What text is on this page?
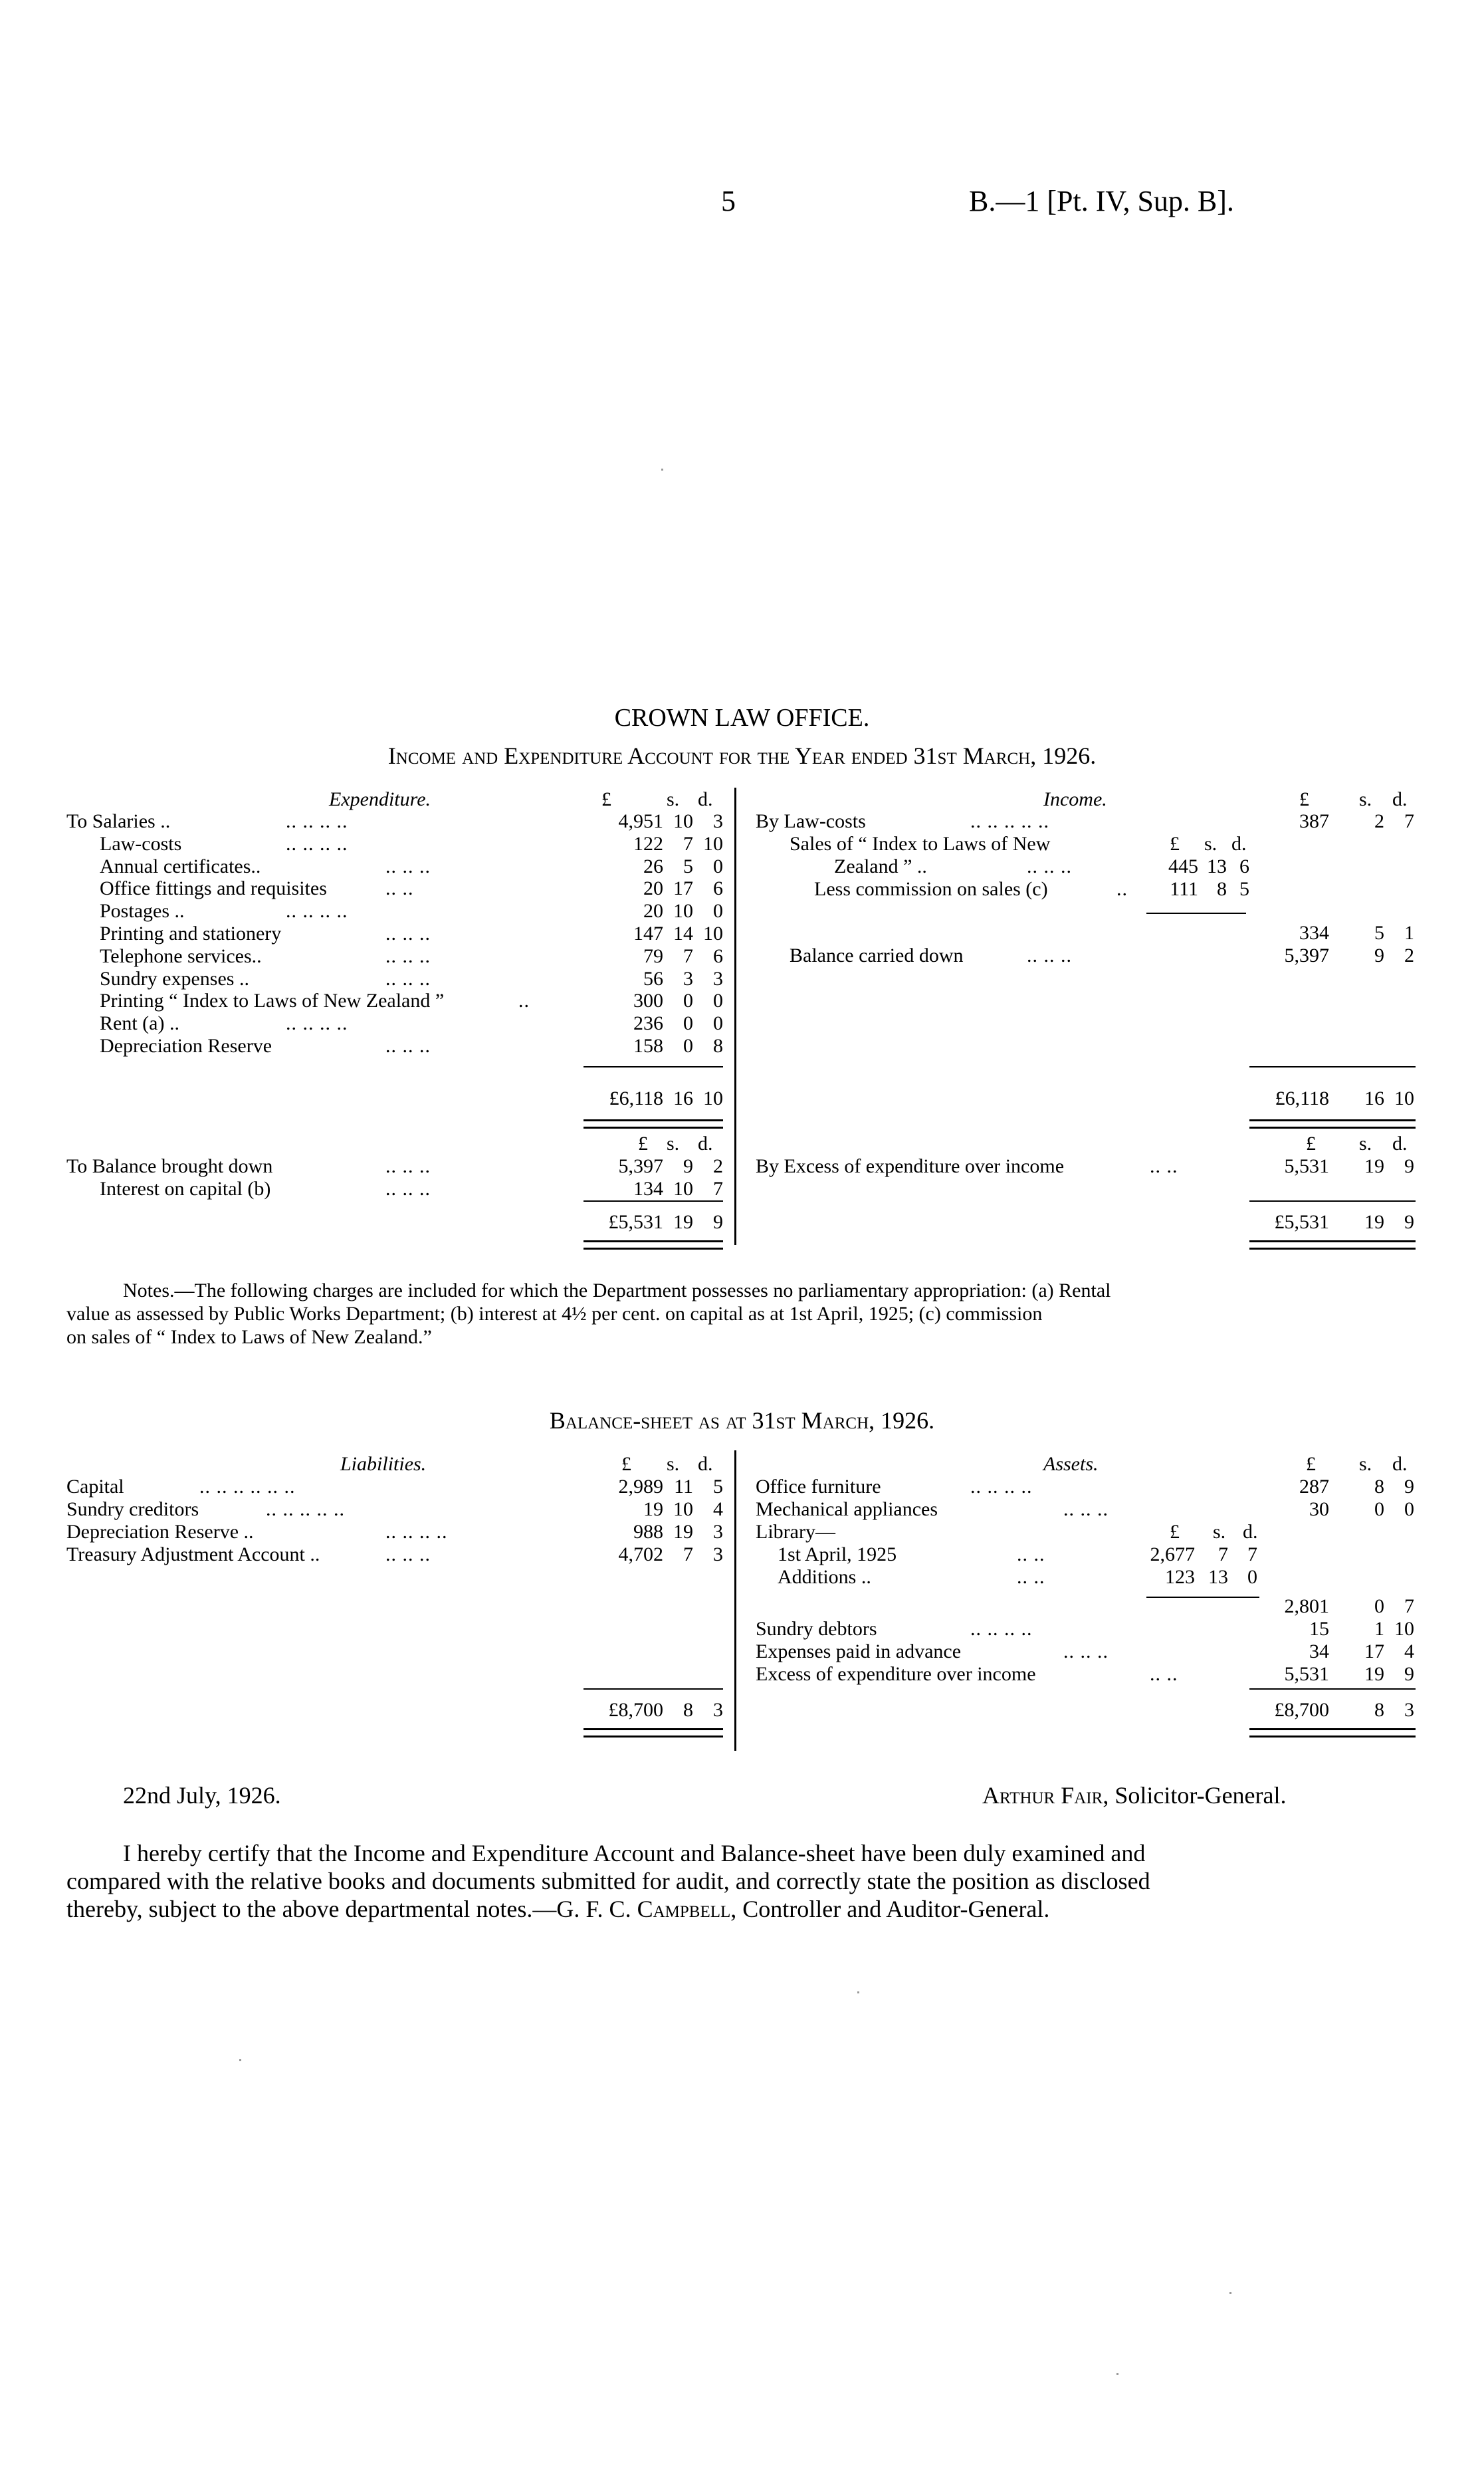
5	B.—1 [Pt. IV, Sup. B].
CROWN LAW OFFICE.
Income and Expenditure Account for the Year ended 31st March, 1926.
Expenditure.	£	s. d.
To Salaries ..	.. .. .. ..	4,951 10	3
Law-costs	.. .. .. ..	122	7 10
Annual certificates..	.. .. ..	26	5	0
Office fittings and requisites	.. ..	20 17	6
Postages ..	.. .. .. ..	20 10	0
Printing and stationery	.. .. ..	147 14 10
Telephone services..	.. .. ..	79	7	6
Sundry expenses ..	.. .. ..	56	3	3
Printing “ Index to Laws of New Zealand ”	..	300	0	0
Rent (a) ..	.. .. .. ..	236	0	0
Depreciation Reserve	.. .. ..	158	0	8
£6,118 16 10
£ s. d.
To Balance brought down	.. .. ..	5,397	9	2
Interest on capital (b)	.. .. ..	134 10	7
£5,531 19	9
Income.	£	s. d.
By Law-costs	.. .. .. .. ..	387	2	7
Sales of “ Index to Laws of New	£ s. d.
Zealand ” ..	.. .. ..	445 13 6
Less commission on sales (c)	..	111 8 5
334	5	1
Balance carried down	.. .. ..	5,397	9	2
£6,118 16 10
£ s. d.
By Excess of expenditure over income	.. ..	5,531 19	9
£5,531 19	9
Notes.—The following charges are included for which the Department possesses no parliamentary appropriation: (a) Rental
value as assessed by Public Works Department; (b) interest at 4½ per cent. on capital as at 1st April, 1925; (c) commission
on sales of “ Index to Laws of New Zealand.”
Balance-sheet as at 31st March, 1926.
Liabilities.	£ s. d.
Capital	.. .. .. .. .. ..	2,989 11	5
Sundry creditors	.. .. .. .. ..	19 10	4
Depreciation Reserve ..	.. .. .. ..	988 19	3
Treasury Adjustment Account ..	.. .. ..	4,702	7	3
£8,700	8	3
Assets.	£ s. d.
Office furniture	.. .. .. ..	287	8	9
Mechanical appliances	.. .. ..	30	0	0
Library—	£ s. d.
1st April, 1925	.. ..	2,677	7 7
Additions ..	.. ..	123 13 0
2,801	0	7
Sundry debtors	.. .. .. ..	15	1 10
Expenses paid in advance	.. .. ..	34 17	4
Excess of expenditure over income	.. ..	5,531 19	9
£8,700	8	3
22nd July, 1926.	Arthur Fair, Solicitor-General.
I hereby certify that the Income and Expenditure Account and Balance-sheet have been duly examined and
compared with the relative books and documents submitted for audit, and correctly state the position as disclosed
thereby, subject to the above departmental notes.—G. F. C. Campbell, Controller and Auditor-General.
